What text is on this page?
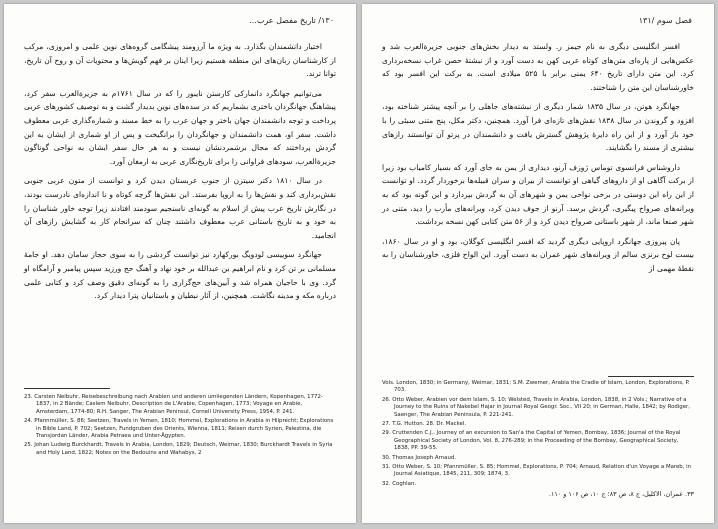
۱۳۰/ تاریخ مفصل عرب...

اختیار دانشمندان بگذارد. به ویژه ما آرزومند پیشگامی گروه‌های نوین علمی و امروزی، مرکب از کارشناسان زبان‌های این منطقه هستیم زیرا اینان بر فهم گویش‌ها و محتویات آن و روح آن تاریخ، توانا ترند.

می‌توانیم جهانگرد دانمارکی کارستن نایبور را که در سال ۱۷۶۱م به جزیرة‌العرب سفر کرد، پیشاهنگ جهانگردان باختری بشماریم که در سده‌های نوین بدیدار گشت و به توصیف کشورهای عربی پرداخت و توجه دانشمندان جهان باختر و جهان عرب را به خط مسند و شماره‌گذاری عربی معطوف داشت. سفر او، همت دانشمندان و جهانگردان را برانگیخت و پس از او شماری از ایشان به این گردش پرداختند که مجال برشمردنشان نیست و به هر حال سفر ایشان به نواحی گوناگون جزیرة‌العرب، سودهای فراوانی را برای تاریخ‌نگاری عربی به ارمغان آورد.

در سال ۱۸۱۰ دکتر سیتزن از جنوب عربستان دیدن کرد و توانست از متون عربی جنوبی نقش‌برداری کند و نقش‌ها را به اروپا بفرستد. این نقش‌ها گرچه کوتاه و نا اندازه‌ای نادرست بودند، در نگارش تاریخ عرب پیش از اسلام به گونه‌ای ناسنجیم سودمند افتادند زیرا توجه خاور شناسان را به خود و به تاریخ باستانی عرب معطوف داشتند چنان که سرانجام کار به گشایش رازهای آن انجامید.

جهانگرد سوییسی لودویگ بورکهارد نیز توانست گردشی را به سوی حجاز سامان دهد. او جامهٔ مسلمانی بر تن کرد و نام ابراهیم بن عبدالله بر خود نهاد و آهنگ حج ورزید سپس پیامبر و آرامگاه او گرد. وی با حاجیان همراه شد و آیین‌های حج‌گزاری را به گونه‌ای دقیق وصف کرد و کتابی علمی درباره مکه و مدینه نگاشت. همچنین، از آثار نبطیان و باستانیان پترا دیدار کرد.

23. Carsten Neibuhr, Reisebeschreibung nach Arabien und anderen umliegenden Ländern, Kopenhagen, 1772-1837, in 2 Bände; Caslem Neibuhr, Description de L'Arabie, Copenhagen, 1773; Voyage en Arabie, Amsterdam, 1774-80; R.H. Sanger, The Arabian Peninsul, Cornell University Press, 1954, P. 241.

24. Pfannmüller, S. 86; Seetzen, Travels in Yemen, 1810; Hommel, Explorations in Arabia in Hilprecht; Explorations in Bible Land, P. 702; Seetzen, Fundgruben des Orients, Wienna, 1811; Reisen durch Syrien, Palestina, die Transjordan Länder, Arabia Petraea und Unter-Ägypten.

25. Johan Ludwig Burckhardt, Travels in Arabia, London, 1829; Deutsch, Weimar, 1830; Burckhardt Travels in Syria and Holy Land, 1822; Notes on the Bedouins and Wahabys, 2

فصل سوم /۱۳۱

افسر انگلیسی دیگری به نام جیمز ر. ولستد به دیدار بخش‌های جنوبی جزیرة‌العرب شد و عکس‌هایی از پاره‌ای متن‌های کوتاه عربی کهن به دست آورد و از نبشتهٔ حصن غراب نسخه‌برداری کرد. این متن دارای تاریخ ۶۴۰ یمنی برابر با ۵۲۵ میلادی است. به برکت این افسر بود که خاورشناسان این متن را شناختند.

جهانگرد هوتن، در سال ۱۸۳۵ شمار دیگری از نبشته‌های جاهلی را بر آنچه پیشتر شناخته بود، افزود و گروندن در سال ۱۸۳۸ نقش‌های تازه‌ای فرا آورد. همچنین، دکتر مکل، پنج متنی سبئی را با خود باز آورد و از این راه دایرهٔ پژوهش گسترش یافت و دانشمندان در پرتو آن توانستند رازهای بیشتری از مسند را بگشایند.

داروشناس فرانسوی توماس ژوزف آرنو، دیداری از یمن به جای آورد که بسیار کامیاب بود زیرا از برکت آگاهی او از داروهای گیاهی او توانست از بیران و سران قبیله‌ها برخوردار گردد. او توانست از این راه این دوستی در برخی نواحی یمن و شهرهای آن به گردش بپردازد و این گونه بود که به ویرانه‌های صرواح پیگیری، گردش برسد. آرنو از جوف دیدن کرد، ویرانه‌های مأرب را دید، متنی در شهر صنعا ماند، از شهر باستانی صرواح دیدن کرد و از ۵۶ متن کتابی کهن نسخه برداشت.

پان پیروزی جهانگرد اروپایی دیگری گردید که افسر انگلیسی کوگلان، بود و او در سال ۱۸۶۰، بیست لوح برنزی سالم از ویرانه‌های شهر عمران به دست آورد. این الواح فلزی، خاورشناسان را به نقطهٔ مهمی از

Vols. London, 1830; in Germany, Weimar, 1831; S.M. Zwemer, Arabia the Cradle of Islam, London, Explorations, P. 703.

26. Otto Weber, Arabien vor dem Islam, S. 10; Welsted, Travels in Arabia, London, 1838, in 2 Vols.; Narrative of a Journey to the Ruins of Nakebel Hajar in Journal Royal Geogr. Soc., VII 20; in German, Halle, 1842; by Rodiger, Saenger, The Arabian Peninsula, P. 221-241.

27. T.G. Hutton. 28. Dr. Mackel.

29. Cruttenden C.J., Journey of an excursion to San'a the Capital of Yemen, Bombay, 1836; Journal of the Royal Geographical Society of London, Vol. 8, 276-289; in the Proceeding of the Bombay, Geographical Society, 1838, PP. 39-55.

30. Thomas Joseph Arnaud.

31. Otto Weber, S. 10; Pfannmüller, S. 85; Hommel, Explorations, P. 704; Arnaud, Relation d'un Voyage a Mareb, in Journal Asiatique, 1845, 211, 309; 1874, 3.

32. Coghlan.

۳۳. عمران، الاکلیل، ج ۸، ص ۸۳؛ ج ۱۰، ص ۱۰۶ و ۱۱۰.
